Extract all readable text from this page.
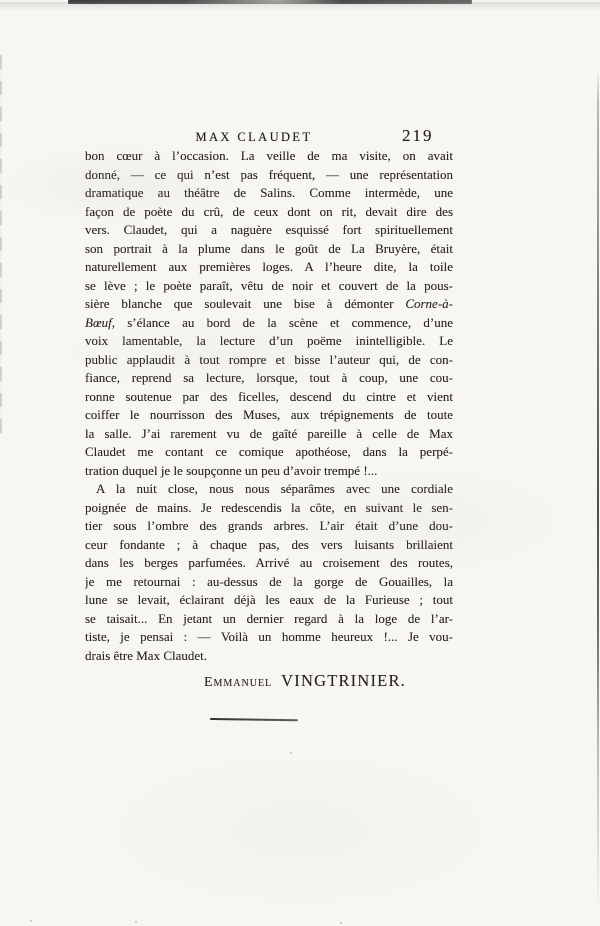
MAX CLAUDET	219
bon cœur à l’occasion. La veille de ma visite, on avait
donné, — ce qui n’est pas fréquent, — une représentation
dramatique au théâtre de Salins. Comme intermède, une
façon de poète du crû, de ceux dont on rit, devait dire des
vers. Claudet, qui a naguère esquissé fort spirituellement
son portrait à la plume dans le goût de La Bruyère, était
naturellement aux premières loges. A l’heure dite, la toile
se lève ; le poète paraît, vêtu de noir et couvert de la pous-
sière blanche que soulevait une bise à démonter Corne-à-
Bœuf, s’élance au bord de la scène et commence, d’une
voix lamentable, la lecture d’un poëme inintelligible. Le
public applaudit à tout rompre et bisse l’auteur qui, de con-
fiance, reprend sa lecture, lorsque, tout à coup, une cou-
ronne soutenue par des ficelles, descend du cintre et vient
coiffer le nourrisson des Muses, aux trépignements de toute
la salle. J’ai rarement vu de gaîté pareille à celle de Max
Claudet me contant ce comique apothéose, dans la perpé-
tration duquel je le soupçonne un peu d’avoir trempé !...
A la nuit close, nous nous séparâmes avec une cordiale
poignée de mains. Je redescendis la côte, en suivant le sen-
tier sous l’ombre des grands arbres. L’air était d’une dou-
ceur fondante ; à chaque pas, des vers luisants brillaient
dans les berges parfumées. Arrivé au croisement des routes,
je me retournai : au-dessus de la gorge de Gouailles, la
lune se levait, éclairant déjà les eaux de la Furieuse ; tout
se taisait... En jetant un dernier regard à la loge de l’ar-
tiste, je pensai : — Voilà un homme heureux !... Je vou-
drais être Max Claudet.
Emmanuel VINGTRINIER.
